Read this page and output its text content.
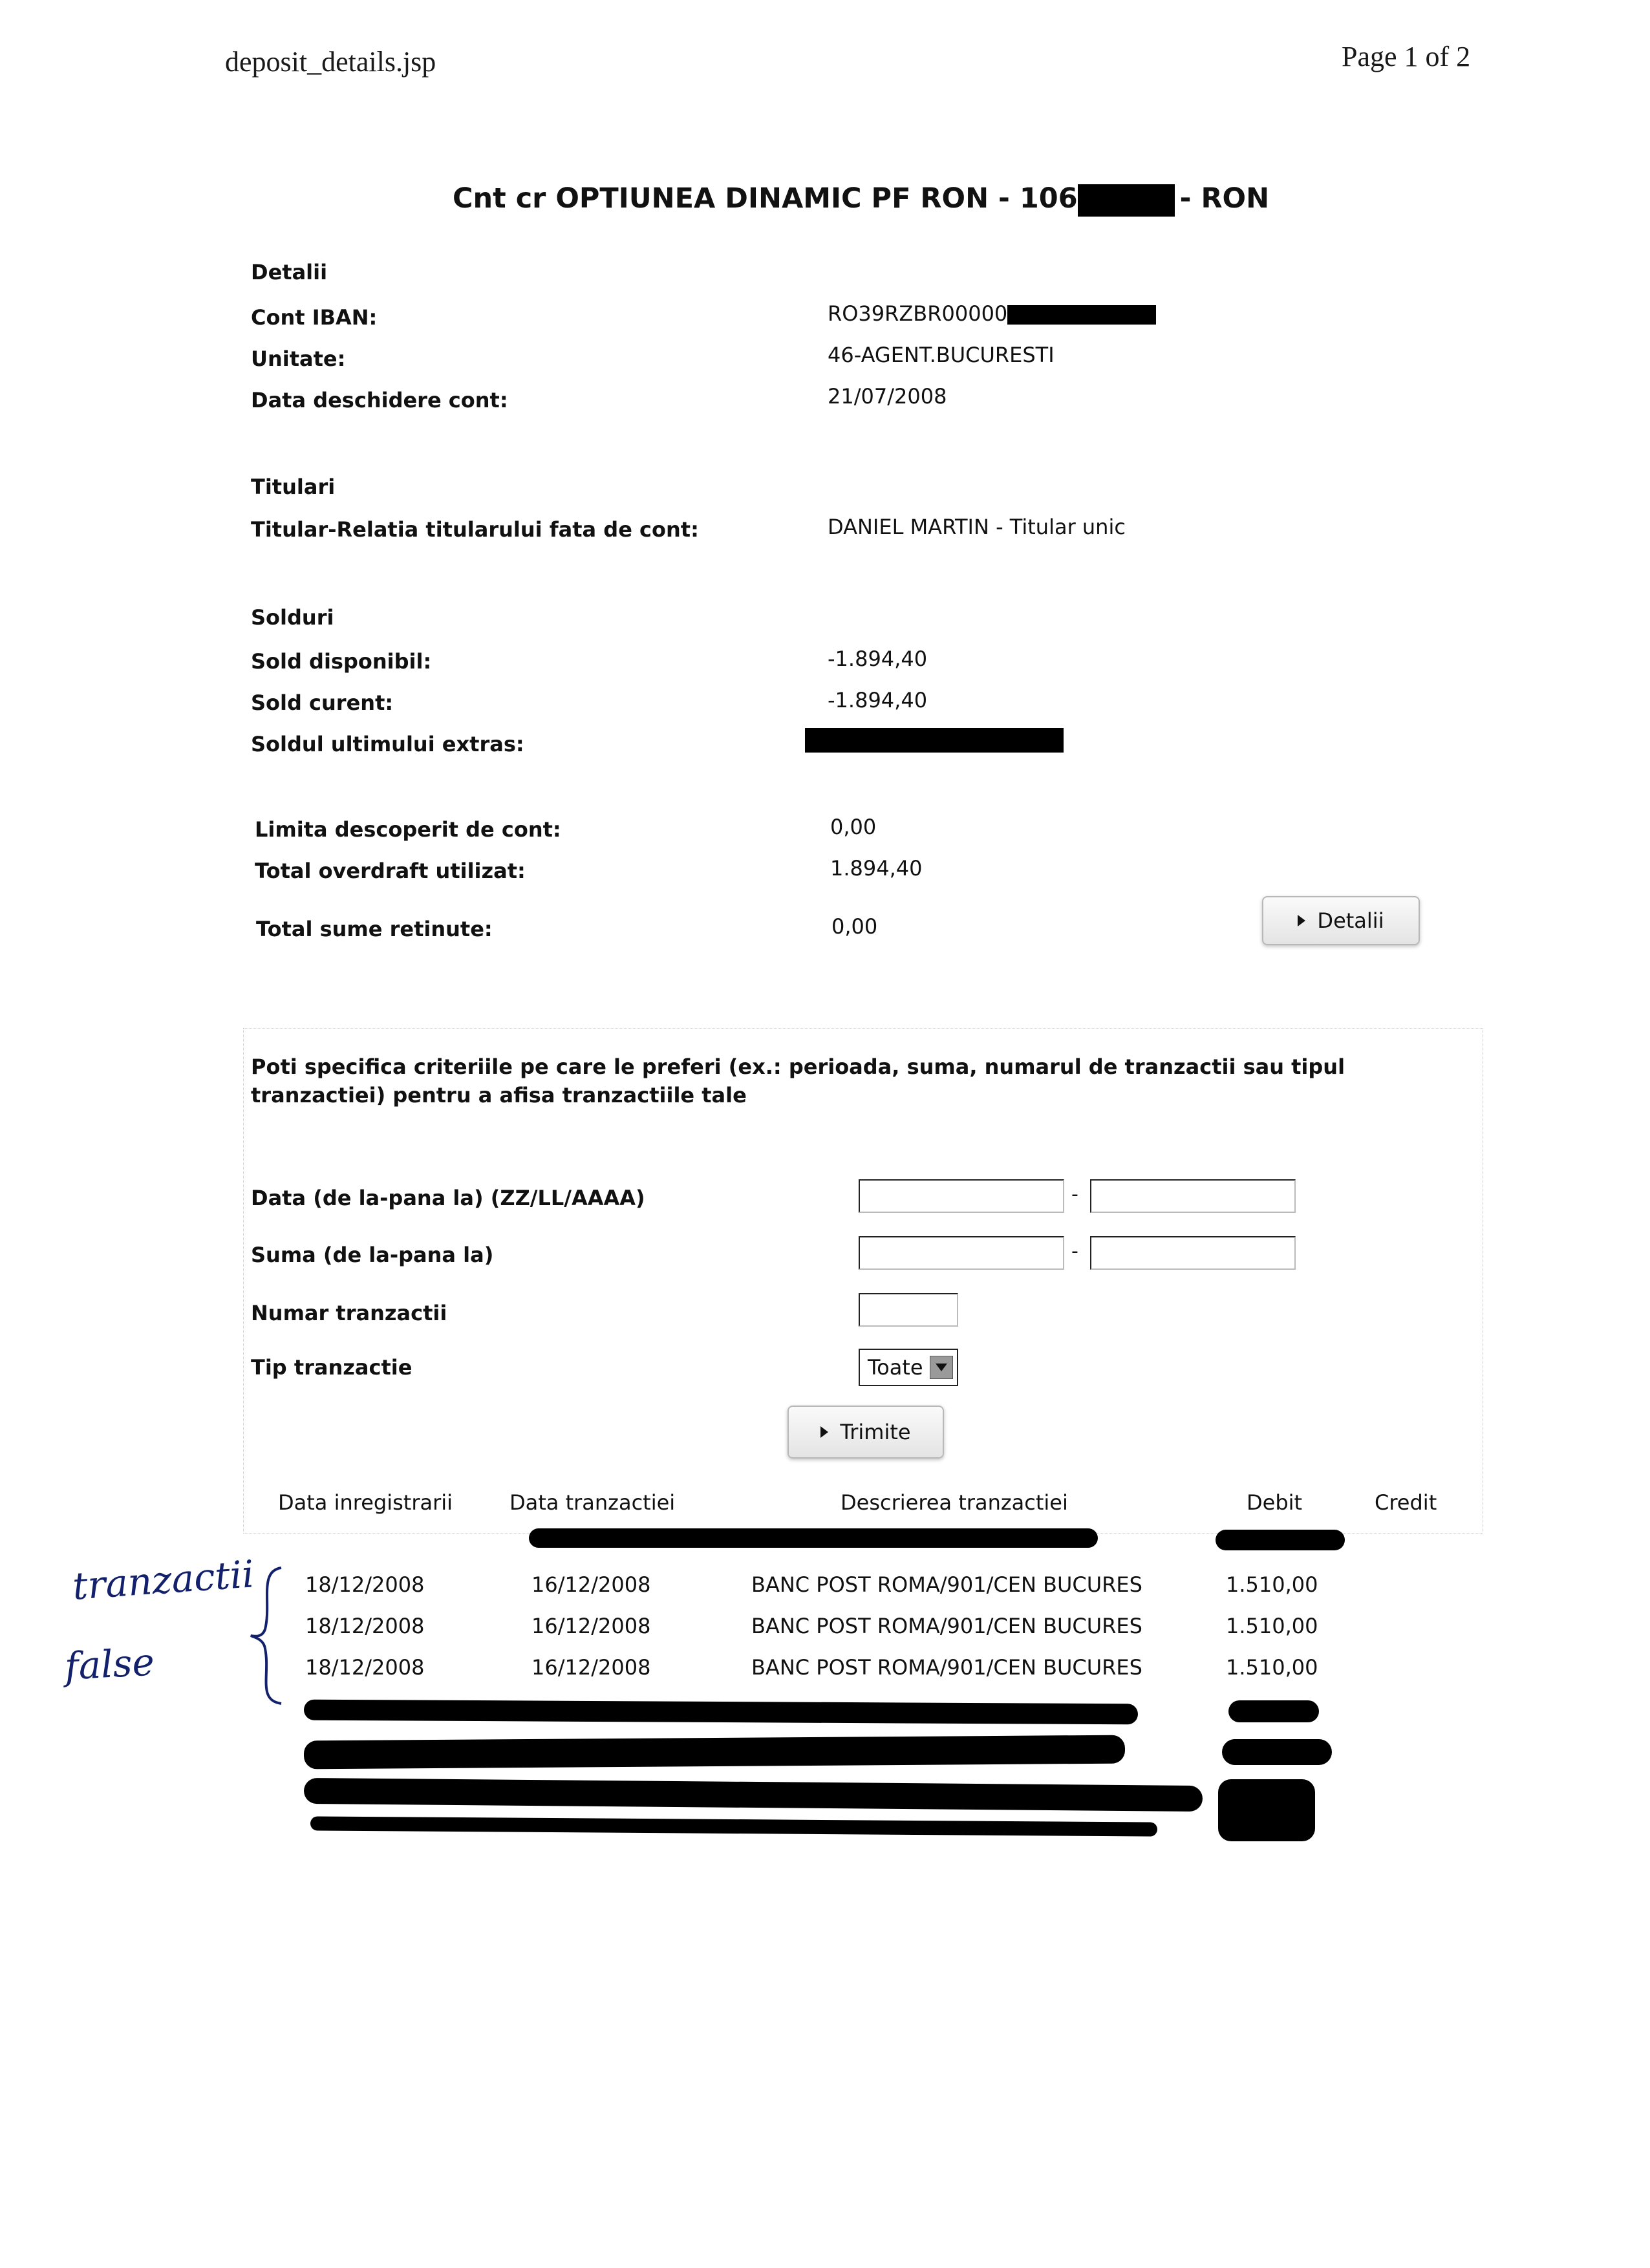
deposit_details.jsp	Page 1 of 2
Cnt cr OPTIUNEA DINAMIC PF RON - 106	- RON
Detalii
Cont IBAN:	RO39RZBR00000
Unitate:	46-AGENT.BUCURESTI
Data deschidere cont:	21/07/2008
Titulari
Titular-Relatia titularului fata de cont:	DANIEL MARTIN - Titular unic
Solduri
Sold disponibil:	-1.894,40
Sold curent:	-1.894,40
Soldul ultimului extras:
Limita descoperit de cont:	0,00
Total overdraft utilizat:	1.894,40
Total sume retinute:	0,00	Detalii
Poti specifica criteriile pe care le preferi (ex.: perioada, suma, numarul de tranzactii sau tipul tranzactiei) pentru a afisa tranzactiile tale
Data (de la-pana la) (ZZ/LL/AAAA)	-
Suma (de la-pana la)	-
Numar tranzactii
Tip tranzactie	Toate
Trimite
Data inregistrarii	Data tranzactiei	Descrierea tranzactiei	Debit	Credit
18/12/2008	16/12/2008	BANC POST ROMA/901/CEN BUCURES	1.510,00
18/12/2008	16/12/2008	BANC POST ROMA/901/CEN BUCURES	1.510,00
18/12/2008	16/12/2008	BANC POST ROMA/901/CEN BUCURES	1.510,00
tranzactii
false
